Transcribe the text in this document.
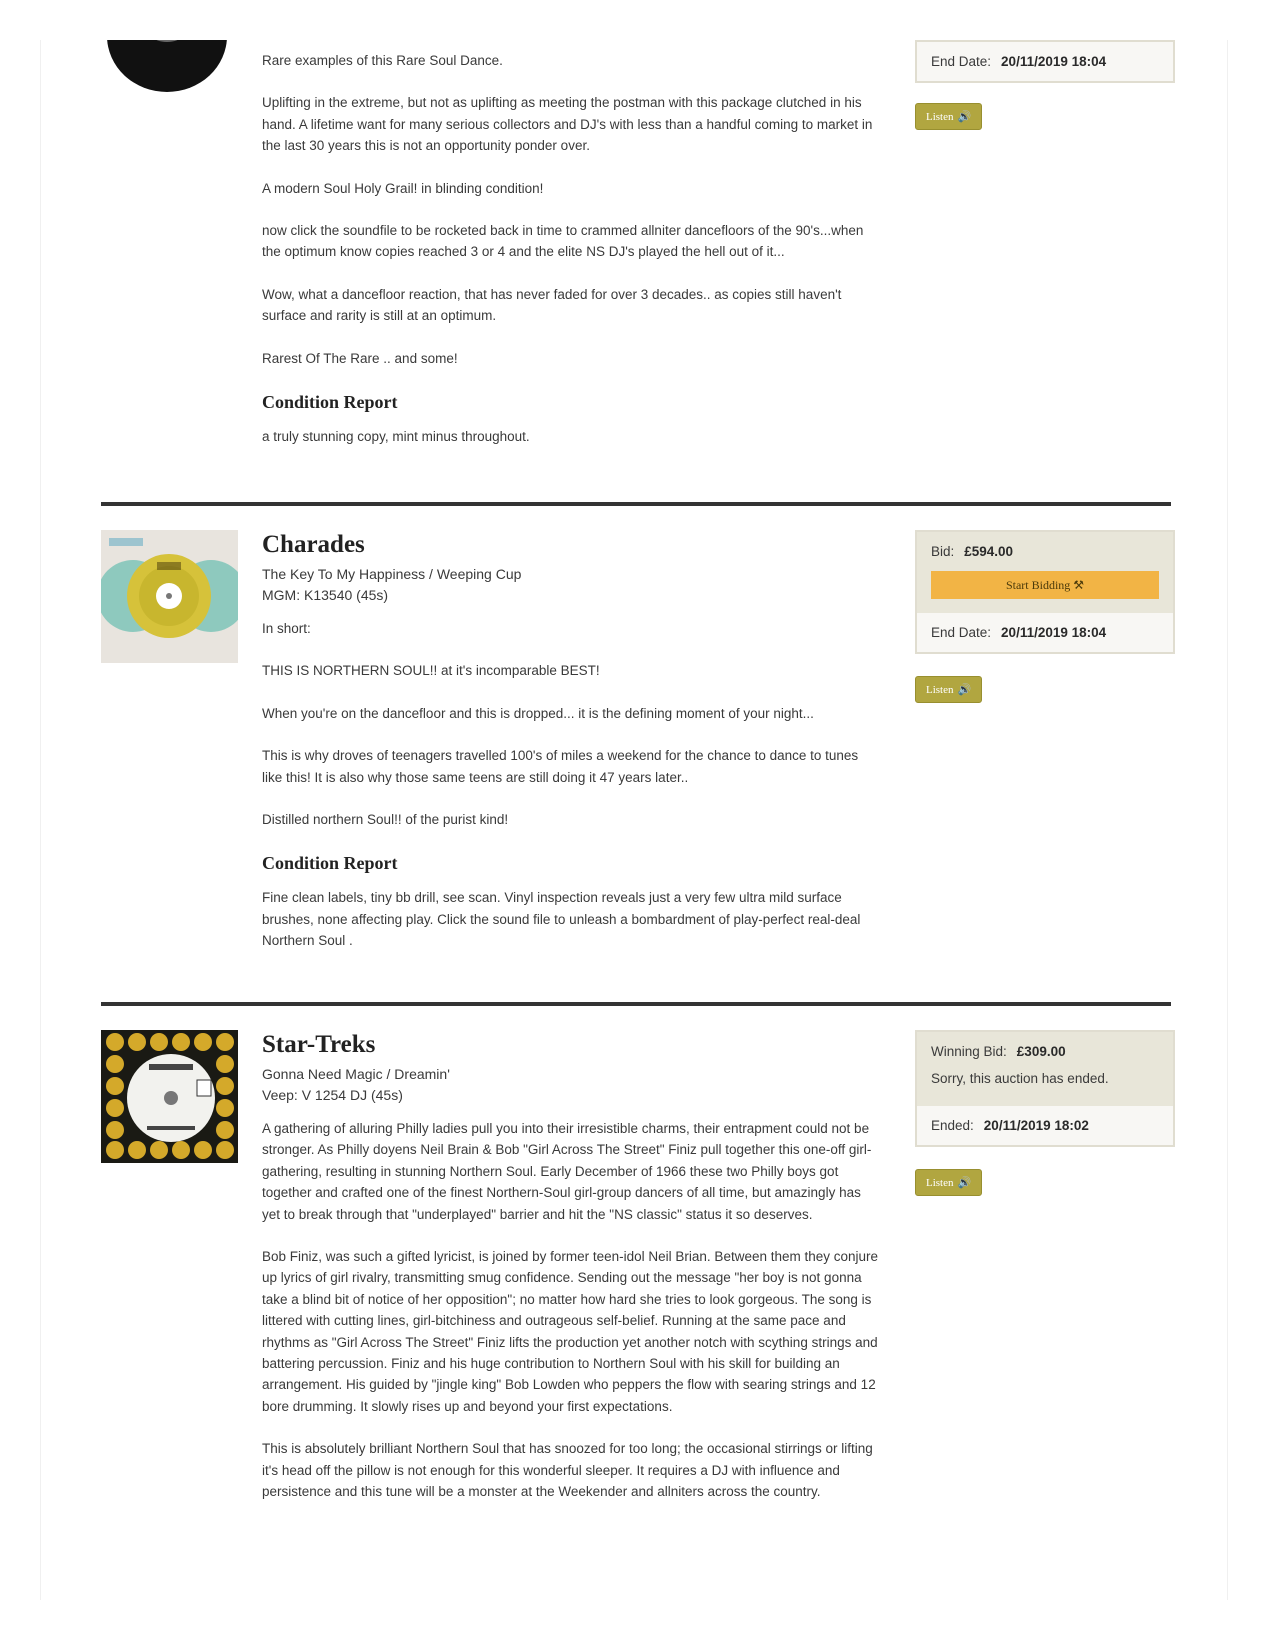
Rare examples of this Rare Soul Dance.

Uplifting in the extreme, but not as uplifting as meeting the postman with this package clutched in his hand. A lifetime want for many serious collectors and DJ's with less than a handful coming to market in the last 30 years this is not an opportunity ponder over.

A modern Soul Holy Grail! in blinding condition!

now click the soundfile to be rocketed back in time to crammed allniter dancefloors of the 90's...when the optimum know copies reached 3 or 4 and the elite NS DJ's played the hell out of it...

Wow, what a dancefloor reaction, that has never faded for over 3 decades.. as copies still haven't surface and rarity is still at an optimum.

Rarest Of The Rare .. and some!

Condition Report

a truly stunning copy, mint minus throughout.

End Date: 20/11/2019 18:04
Listen 🔊
Charades

The Key To My Happiness / Weeping Cup

MGM: K13540 (45s)

In short:

THIS IS NORTHERN SOUL!! at it's incomparable BEST!

When you're on the dancefloor and this is dropped... it is the defining moment of your night...

This is why droves of teenagers travelled 100's of miles a weekend for the chance to dance to tunes like this! It is also why those same teens are still doing it 47 years later..

Distilled northern Soul!! of the purist kind!

Condition Report

Fine clean labels, tiny bb drill, see scan. Vinyl inspection reveals just a very few ultra mild surface brushes, none affecting play. Click the sound file to unleash a bombardment of play-perfect real-deal Northern Soul .

Bid: £594.00
Start Bidding ⚒
End Date: 20/11/2019 18:04
Listen 🔊
Star-Treks

Gonna Need Magic / Dreamin'

Veep: V 1254 DJ (45s)

A gathering of alluring Philly ladies pull you into their irresistible charms, their entrapment could not be stronger. As Philly doyens Neil Brain & Bob "Girl Across The Street" Finiz pull together this one-off girl-gathering, resulting in stunning Northern Soul. Early December of 1966 these two Philly boys got together and crafted one of the finest Northern-Soul girl-group dancers of all time, but amazingly has yet to break through that "underplayed" barrier and hit the "NS classic" status it so deserves.

Bob Finiz, was such a gifted lyricist, is joined by former teen-idol Neil Brian. Between them they conjure up lyrics of girl rivalry, transmitting smug confidence. Sending out the message "her boy is not gonna take a blind bit of notice of her opposition"; no matter how hard she tries to look gorgeous. The song is littered with cutting lines, girl-bitchiness and outrageous self-belief. Running at the same pace and rhythms as "Girl Across The Street" Finiz lifts the production yet another notch with scything strings and battering percussion. Finiz and his huge contribution to Northern Soul with his skill for building an arrangement. His guided by "jingle king" Bob Lowden who peppers the flow with searing strings and 12 bore drumming. It slowly rises up and beyond your first expectations.

This is absolutely brilliant Northern Soul that has snoozed for too long; the occasional stirrings or lifting it's head off the pillow is not enough for this wonderful sleeper. It requires a DJ with influence and persistence and this tune will be a monster at the Weekender and allniters across the country.

Winning Bid: £309.00
Sorry, this auction has ended.
Ended: 20/11/2019 18:02
Listen 🔊
